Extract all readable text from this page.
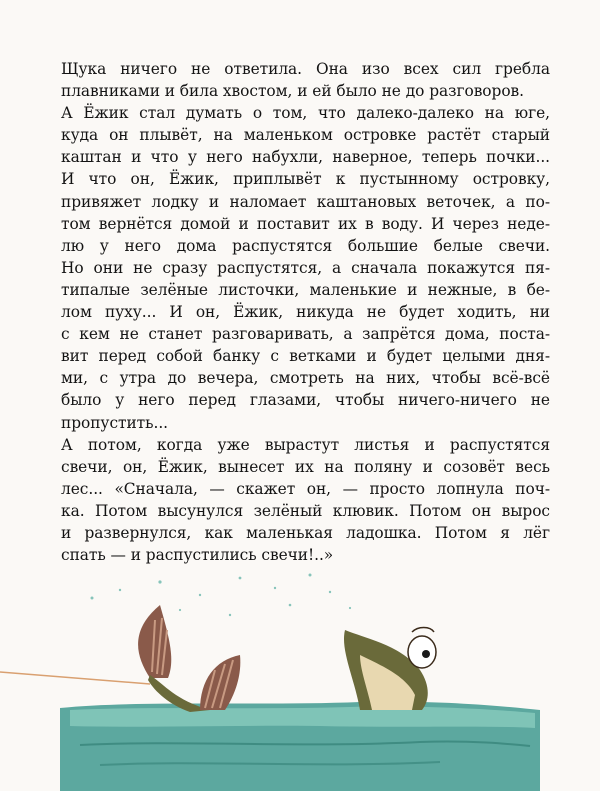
Щука ничего не ответила. Она изо всех сил гребла
плавниками и била хвостом, и ей было не до разговоров.
А Ёжик стал думать о том, что далеко-далеко на юге,
куда он плывёт, на маленьком островке растёт старый
каштан и что у него набухли, наверное, теперь почки...
И что он, Ёжик, приплывёт к пустынному островку,
привяжет лодку и наломает каштановых веточек, а по-
том вернётся домой и поставит их в воду. И через неде-
лю у него дома распустятся большие белые свечи.
Но они не сразу распустятся, а сначала покажутся пя-
типалые зелёные листочки, маленькие и нежные, в бе-
лом пуху... И он, Ёжик, никуда не будет ходить, ни
с кем не станет разговаривать, а запрётся дома, поста-
вит перед собой банку с ветками и будет целыми дня-
ми, с утра до вечера, смотреть на них, чтобы всё-всё
было у него перед глазами, чтобы ничего-ничего не
пропустить...
А потом, когда уже вырастут листья и распустятся
свечи, он, Ёжик, вынесет их на поляну и созовёт весь
лес... «Сначала, — скажет он, — просто лопнула поч-
ка. Потом высунулся зелёный клювик. Потом он вырос
и развернулся, как маленькая ладошка. Потом я лёг
спать — и распустились свечи!..»
